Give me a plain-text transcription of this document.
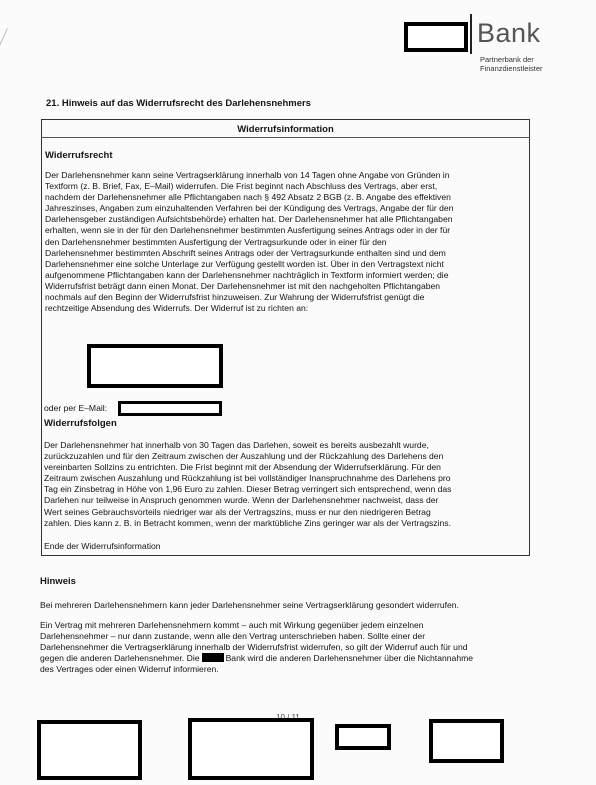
Bank
Partnerbank der
Finanzdienstleister
21. Hinweis auf das Widerrufsrecht des Darlehensnehmers
Widerrufsinformation
Widerrufsrecht
Der Darlehensnehmer kann seine Vertragserklärung innerhalb von 14 Tagen ohne Angabe von Gründen in
Textform (z. B. Brief, Fax, E–Mail) widerrufen. Die Frist beginnt nach Abschluss des Vertrags, aber erst,
nachdem der Darlehensnehmer alle Pflichtangaben nach § 492 Absatz 2 BGB (z. B. Angabe des effektiven
Jahreszinses, Angaben zum einzuhaltenden Verfahren bei der Kündigung des Vertrags, Angabe der für den
Darlehensgeber zuständigen Aufsichtsbehörde) erhalten hat. Der Darlehensnehmer hat alle Pflichtangaben
erhalten, wenn sie in der für den Darlehensnehmer bestimmten Ausfertigung seines Antrags oder in der für
den Darlehensnehmer bestimmten Ausfertigung der Vertragsurkunde oder in einer für den
Darlehensnehmer bestimmten Abschrift seines Antrags oder der Vertragsurkunde enthalten sind und dem
Darlehensnehmer eine solche Unterlage zur Verfügung gestellt worden ist. Über in den Vertragstext nicht
aufgenommene Pflichtangaben kann der Darlehensnehmer nachträglich in Textform informiert werden; die
Widerrufsfrist beträgt dann einen Monat. Der Darlehensnehmer ist mit den nachgeholten Pflichtangaben
nochmals auf den Beginn der Widerrufsfrist hinzuweisen. Zur Wahrung der Widerrufsfrist genügt die
rechtzeitige Absendung des Widerrufs. Der Widerruf ist zu richten an:
oder per E–Mail:
Widerrufsfolgen
Der Darlehensnehmer hat innerhalb von 30 Tagen das Darlehen, soweit es bereits ausbezahlt wurde,
zurückzuzahlen und für den Zeitraum zwischen der Auszahlung und der Rückzahlung des Darlehens den
vereinbarten Sollzins zu entrichten. Die Frist beginnt mit der Absendung der Widerrufserklärung. Für den
Zeitraum zwischen Auszahlung und Rückzahlung ist bei vollständiger Inanspruchnahme des Darlehens pro
Tag ein Zinsbetrag in Höhe von 1,96 Euro zu zahlen. Dieser Betrag verringert sich entsprechend, wenn das
Darlehen nur teilweise in Anspruch genommen wurde. Wenn der Darlehensnehmer nachweist, dass der
Wert seines Gebrauchsvorteils niedriger war als der Vertragszins, muss er nur den niedrigeren Betrag
zahlen. Dies kann z. B. in Betracht kommen, wenn der marktübliche Zins geringer war als der Vertragszins.
Ende der Widerrufsinformation
Hinweis
Bei mehreren Darlehensnehmern kann jeder Darlehensnehmer seine Vertragserklärung gesondert widerrufen.
Ein Vertrag mit mehreren Darlehensnehmern kommt – auch mit Wirkung gegenüber jedem einzelnen
Darlehensnehmer – nur dann zustande, wenn alle den Vertrag unterschrieben haben. Sollte einer der
Darlehensnehmer die Vertragserklärung innerhalb der Widerrufsfrist widerrufen, so gilt der Widerruf auch für und
gegen die anderen Darlehensnehmer. Die	Bank wird die anderen Darlehensnehmer über die Nichtannahme
des Vertrages oder einen Widerruf informieren.
